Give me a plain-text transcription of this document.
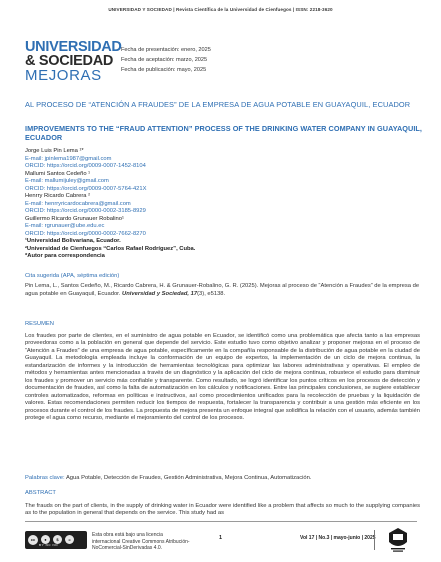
UNIVERSIDAD Y SOCIEDAD | Revista Científica de la Universidad de Cienfuegos | ISSN: 2218-3620
UNIVERSIDAD
& SOCIEDAD
MEJORAS
Fecha de presentación: enero, 2025
Fecha de aceptación: marzo, 2025
Fecha de publicación: mayo, 2025
AL PROCESO DE “ATENCIÓN A FRAUDES” DE LA EMPRESA DE AGUA POTABLE EN GUAYAQUIL, ECUADOR
IMPROVEMENTS TO THE “FRAUD ATTENTION” PROCESS OF THE DRINKING WATER COMPANY IN GUAYAQUIL, ECUADOR
Jorge Luis Pin Lema ¹*
E-mail: jpinlema1987@gmail.com
ORCID: https://orcid.org/0009-0007-1452-8104
Mallumi Santos Cedeño ¹
E-mail: mallumijuley@gmail.com
ORCID: https://orcid.org/0009-0007-5764-421X
Henrry Ricardo Cabrera ²
E-mail: henrryricardocabrera@gmail.com
ORCID: https://orcid.org/0000-0002-3185-8929
Guillermo Ricardo Grunauer Robalino¹
E-mail: rgrunauer@ube.edu.ec
ORCID: https://orcid.org/0000-0002-7662-8270
¹Universidad Bolivariana, Ecuador.
²Universidad de Cienfuegos “Carlos Rafael Rodríguez”, Cuba.
*Autor para correspondencia
Cita sugerida (APA, séptima edición)
Pin Lema, L., Santos Cedeño, M., Ricardo Cabrera, H. & Grunauer-Robalino, G. R. (2025). Mejoras al proceso de “Atención a Fraudes” de la empresa de agua potable en Guayaquil, Ecuador. Universidad y Sociedad, 17(3), e5138.
RESUMEN
Los fraudes por parte de clientes, en el suministro de agua potable en Ecuador, se identificó como una problemática que afecta tanto a las empresas proveedoras como a la población en general que depende del servicio. Este estudio tuvo como objetivo analizar y proponer mejoras en el proceso de “Atención a Fraudes” de una empresa de agua potable, específicamente en la compañía responsable de la distribución de agua potable en la ciudad de Guayaquil. La metodología empleada incluye la conformación de un equipo de expertos, la implementación de un ciclo de mejora continua, la estandarización de informes y la introducción de herramientas tecnológicas para optimizar las labores administrativas y operativas. El empleo de métodos y herramientas antes mencionadas a través de un diagnóstico y la aplicación del ciclo de mejora continua, robustece el estudio para disminuir los fraudes y promover un servicio más confiable y transparente. Como resultado, se logró identificar los puntos críticos en los procesos de detección y documentación de fraudes, así como la falta de automatización en los cálculos y notificaciones. Entre las principales conclusiones, se sugiere establecer controles automatizados, reformas en políticas e instructivos, así como procedimientos unificados para la recolección de pruebas y la liquidación de valores. Estas recomendaciones permiten reducir los tiempos de respuesta, fortalecer la transparencia y contribuir a una gestión más eficiente en los procesos durante el control de los fraudes. La propuesta de mejora presenta un enfoque integral que solidifica la relación con el usuario, además también protege el agua como recurso, mediante el mejoramiento del control de los procesos.
Palabras clave: Agua Potable, Detección de Fraudes, Gestión Administrativa, Mejora Continua, Automatización.
ABSTRACT
The frauds on the part of clients, in the supply of drinking water in Ecuador were identified like a problem that affects so much to the supplying companies as to the population in general that depends on the service. This study had as
cc	●	$	=
BY NC ND
Esta obra está bajo una licencia internacional Creative Commons Atribución-NoComercial-SinDerivadas 4.0.
1	Vol 17 | No.3 | mayo-junio | 2025
